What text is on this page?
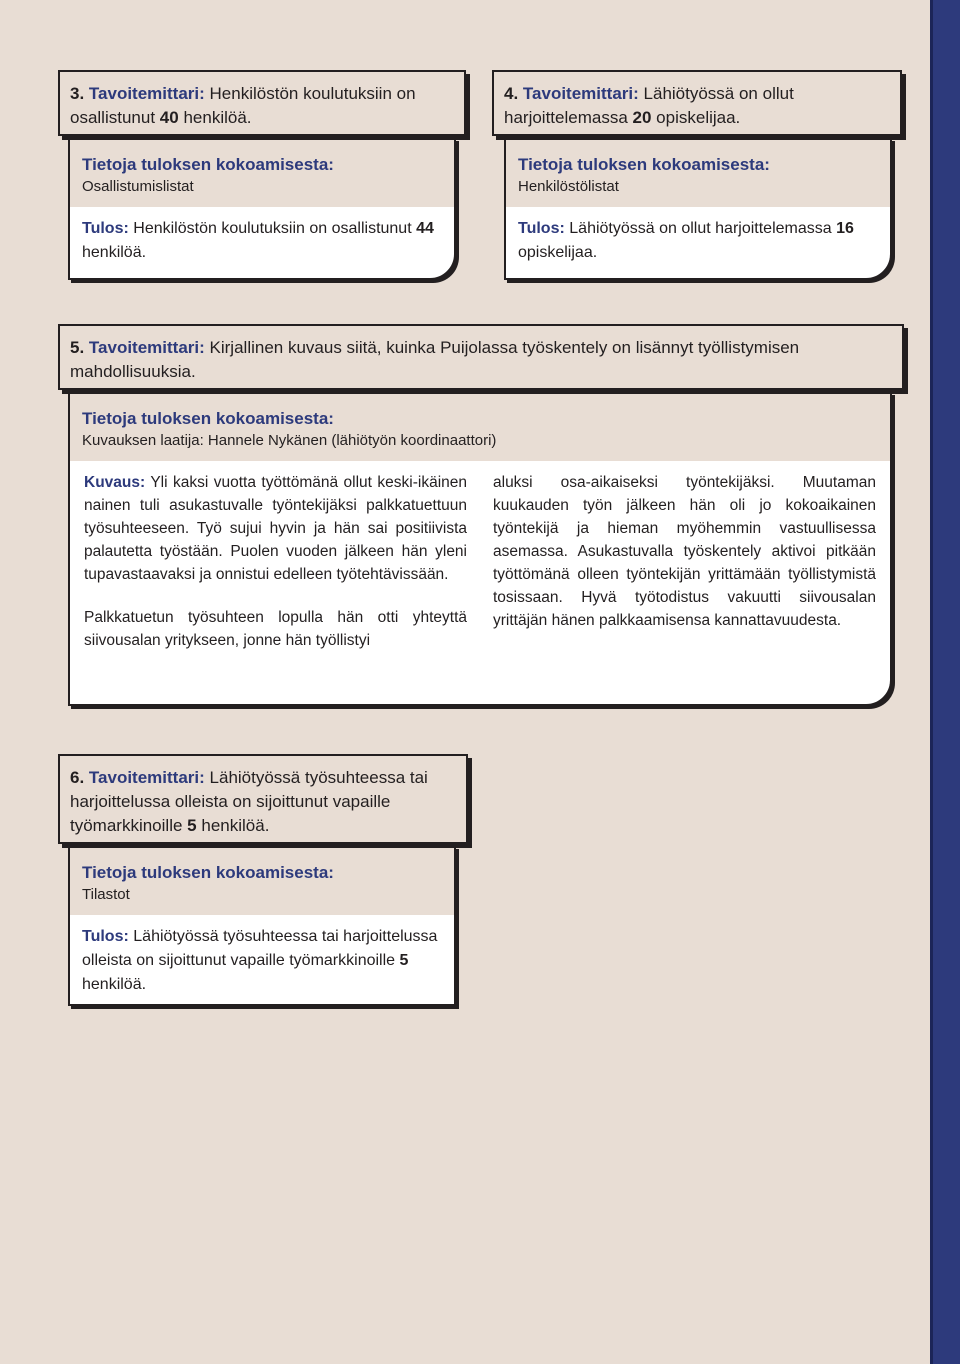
3. Tavoitemittari: Henkilöstön koulutuksiin on osallistunut 40 henkilöä.
Tietoja tuloksen kokoamisesta:
Osallistumislistat
Tulos: Henkilöstön koulutuksiin on osallistunut 44 henkilöä.
4. Tavoitemittari: Lähiötyössä on ollut harjoittelemassa 20 opiskelijaa.
Tietoja tuloksen kokoamisesta:
Henkilöstölistat
Tulos: Lähiötyössä on ollut harjoittelemassa 16 opiskelijaa.
5. Tavoitemittari: Kirjallinen kuvaus siitä, kuinka Puijolassa työskentely on lisännyt työllistymisen mahdollisuuksia.
Tietoja tuloksen kokoamisesta:
Kuvauksen laatija: Hannele Nykänen (lähiötyön koordinaattori)

Kuvaus: Yli kaksi vuotta työttömänä ollut keski-ikäinen nainen tuli asukastuvalle työntekijäksi palkkatuettuun työsuhteeseen. Työ sujui hyvin ja hän sai positiivista palautetta työstään. Puolen vuoden jälkeen hän yleni tupavastaavaksi ja onnistui edelleen työtehtävissään.

Palkkatuetun työsuhteen lopulla hän otti yhteyttä siivousalan yritykseen, jonne hän työllistyi

aluksi osa-aikaiseksi työntekijäksi. Muutaman kuukauden työn jälkeen hän oli jo kokoaikainen työntekijä ja hieman myöhemmin vastuullisessa asemassa. Asukastuvalla työskentely aktivoi pitkään työttömänä olleen työntekijän yrittämään työllistymistä tosissaan. Hyvä työtodistus vakuutti siivousalan yrittäjän hänen palkkaamisensa kannattavuudesta.

6. Tavoitemittari: Lähiötyössä työsuhteessa tai harjoittelussa olleista on sijoittunut vapaille työmarkkinoille 5 henkilöä.
Tietoja tuloksen kokoamisesta:
Tilastot
Tulos: Lähiötyössä työsuhteessa tai harjoittelussa olleista on sijoittunut vapaille työmarkkinoille 5 henkilöä.
